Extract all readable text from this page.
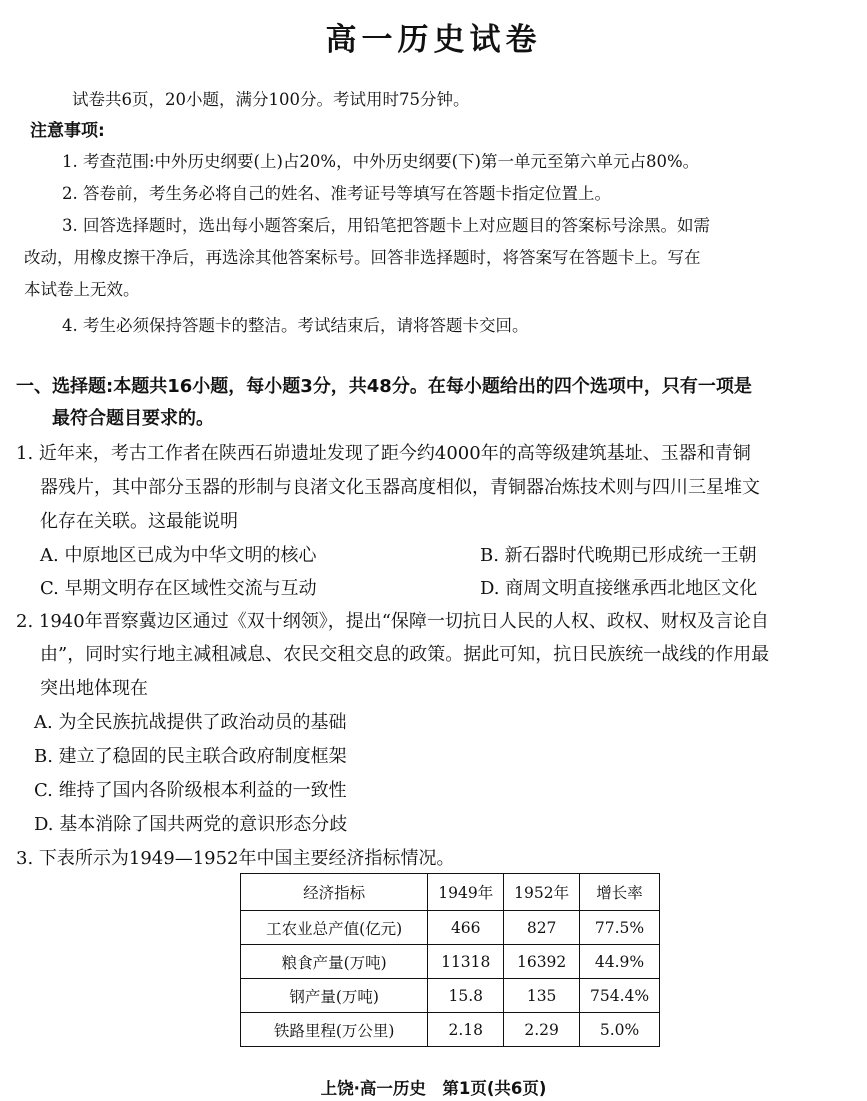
高一历史试卷
试卷共6页，20小题，满分100分。考试用时75分钟。
注意事项:
1. 考查范围:中外历史纲要(上)占20%，中外历史纲要(下)第一单元至第六单元占80%。
2. 答卷前，考生务必将自己的姓名、准考证号等填写在答题卡指定位置上。
3. 回答选择题时，选出每小题答案后，用铅笔把答题卡上对应题目的答案标号涂黑。如需
改动，用橡皮擦干净后，再选涂其他答案标号。回答非选择题时，将答案写在答题卡上。写在
本试卷上无效。
4. 考生必须保持答题卡的整洁。考试结束后，请将答题卡交回。
一、选择题:本题共16小题，每小题3分，共48分。在每小题给出的四个选项中，只有一项是
最符合题目要求的。
1. 近年来，考古工作者在陕西石峁遗址发现了距今约4000年的高等级建筑基址、玉器和青铜
器残片，其中部分玉器的形制与良渚文化玉器高度相似，青铜器冶炼技术则与四川三星堆文
化存在关联。这最能说明
A. 中原地区已成为中华文明的核心	B. 新石器时代晚期已形成统一王朝
C. 早期文明存在区域性交流与互动	D. 商周文明直接继承西北地区文化
2. 1940年晋察冀边区通过《双十纲领》，提出“保障一切抗日人民的人权、政权、财权及言论自
由”，同时实行地主减租减息、农民交租交息的政策。据此可知，抗日民族统一战线的作用最
突出地体现在
A. 为全民族抗战提供了政治动员的基础
B. 建立了稳固的民主联合政府制度框架
C. 维持了国内各阶级根本利益的一致性
D. 基本消除了国共两党的意识形态分歧
3. 下表所示为1949—1952年中国主要经济指标情况。
经济指标	1949年	1952年	增长率
工农业总产值(亿元)	466	827	77.5%
粮食产量(万吨)	11318	16392	44.9%
钢产量(万吨)	15.8	135	754.4%
铁路里程(万公里)	2.18	2.29	5.0%
上饶·高一历史　第1页(共6页)
